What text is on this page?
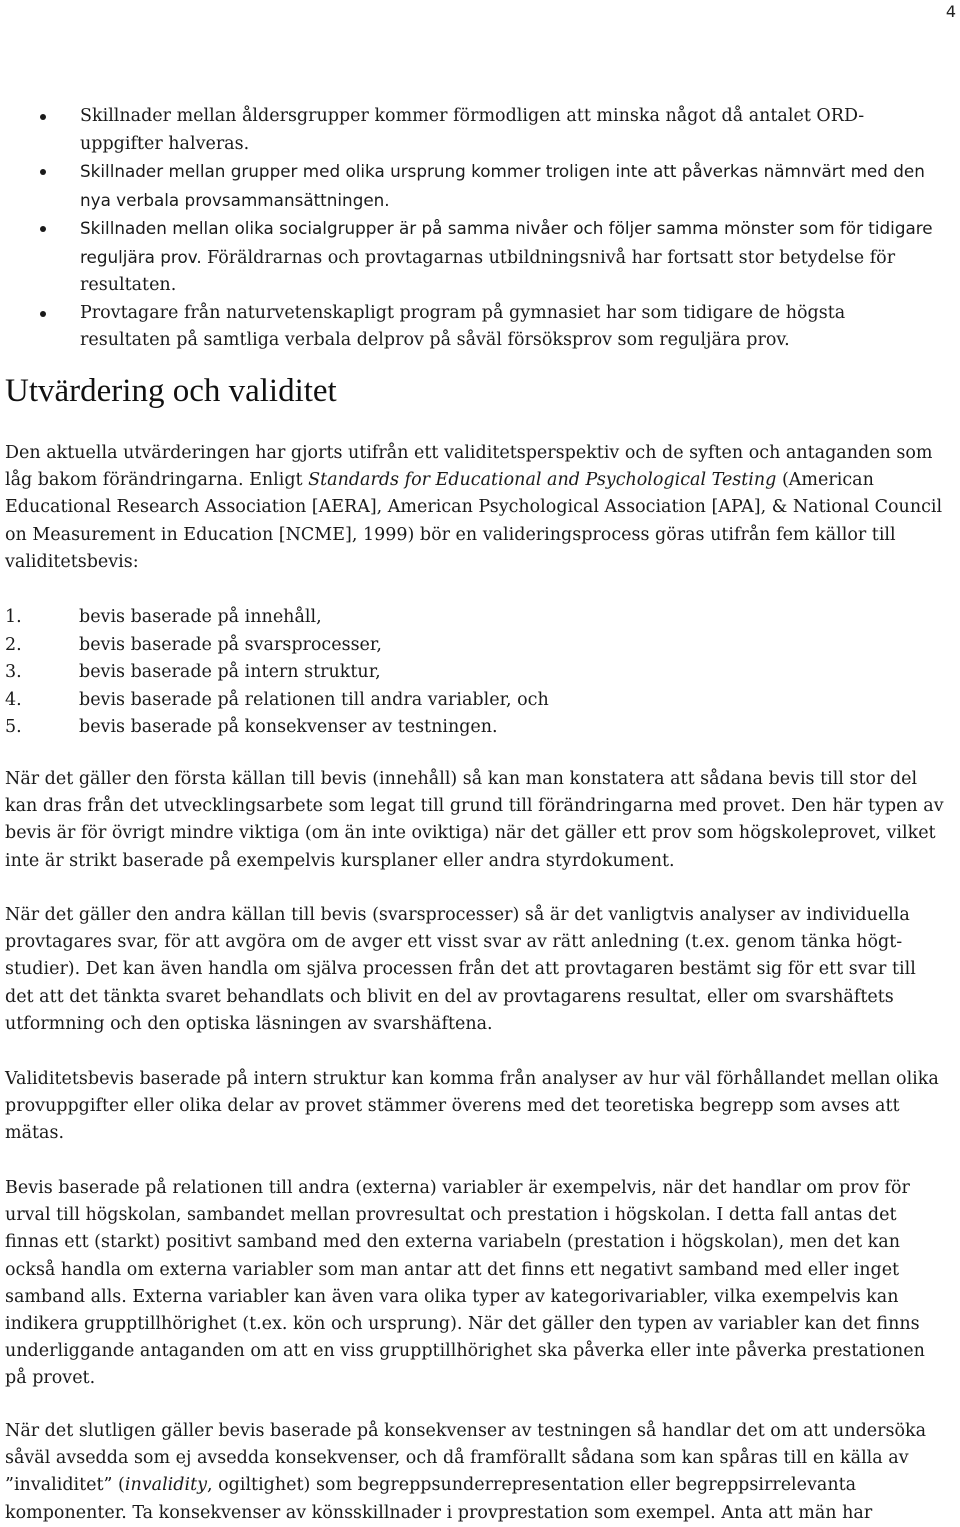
4
Skillnader mellan åldersgrupper kommer förmodligen att minska något då antalet ORD-uppgifter halveras.
Skillnader mellan grupper med olika ursprung kommer troligen inte att påverkas nämnvärt med den nya verbala provsammansättningen.
Skillnaden mellan olika socialgrupper är på samma nivåer och följer samma mönster som för tidigare reguljära prov. Föräldrarnas och provtagarnas utbildningsnivå har fortsatt stor betydelse för resultaten.
Provtagare från naturvetenskapligt program på gymnasiet har som tidigare de högsta resultaten på samtliga verbala delprov på såväl försöksprov som reguljära prov.
Utvärdering och validitet

Den aktuella utvärderingen har gjorts utifrån ett validitetsperspektiv och de syften och antaganden som låg bakom förändringarna. Enligt Standards for Educational and Psychological Testing (American Educational Research Association [AERA], American Psychological Association [APA], & National Council on Measurement in Education [NCME], 1999) bör en valideringsprocess göras utifrån fem källor till validitetsbevis:

1.	bevis baserade på innehåll,
2.	bevis baserade på svarsprocesser,
3.	bevis baserade på intern struktur,
4.	bevis baserade på relationen till andra variabler, och
5.	bevis baserade på konsekvenser av testningen.

När det gäller den första källan till bevis (innehåll) så kan man konstatera att sådana bevis till stor del kan dras från det utvecklingsarbete som legat till grund till förändringarna med provet. Den här typen av bevis är för övrigt mindre viktiga (om än inte oviktiga) när det gäller ett prov som högskoleprovet, vilket inte är strikt baserade på exempelvis kursplaner eller andra styrdokument.

När det gäller den andra källan till bevis (svarsprocesser) så är det vanligtvis analyser av individuella provtagares svar, för att avgöra om de avger ett visst svar av rätt anledning (t.ex. genom tänka högt-studier). Det kan även handla om själva processen från det att provtagaren bestämt sig för ett svar till det att det tänkta svaret behandlats och blivit en del av provtagarens resultat, eller om svarshäftets utformning och den optiska läsningen av svarshäftena.

Validitetsbevis baserade på intern struktur kan komma från analyser av hur väl förhållandet mellan olika provuppgifter eller olika delar av provet stämmer överens med det teoretiska begrepp som avses att mätas.

Bevis baserade på relationen till andra (externa) variabler är exempelvis, när det handlar om prov för urval till högskolan, sambandet mellan provresultat och prestation i högskolan. I detta fall antas det finnas ett (starkt) positivt samband med den externa variabeln (prestation i högskolan), men det kan också handla om externa variabler som man antar att det finns ett negativt samband med eller inget samband alls. Externa variabler kan även vara olika typer av kategorivariabler, vilka exempelvis kan indikera grupptillhörighet (t.ex. kön och ursprung). När det gäller den typen av variabler kan det finns underliggande antaganden om att en viss grupptillhörighet ska påverka eller inte påverka prestationen på provet.

När det slutligen gäller bevis baserade på konsekvenser av testningen så handlar det om att undersöka såväl avsedda som ej avsedda konsekvenser, och då framförallt sådana som kan spåras till en källa av ”invaliditet” (invalidity, ogiltighet) som begreppsunderrepresentation eller begreppsirrelevanta komponenter. Ta konsekvenser av könsskillnader i provprestation som exempel. Anta att män har
